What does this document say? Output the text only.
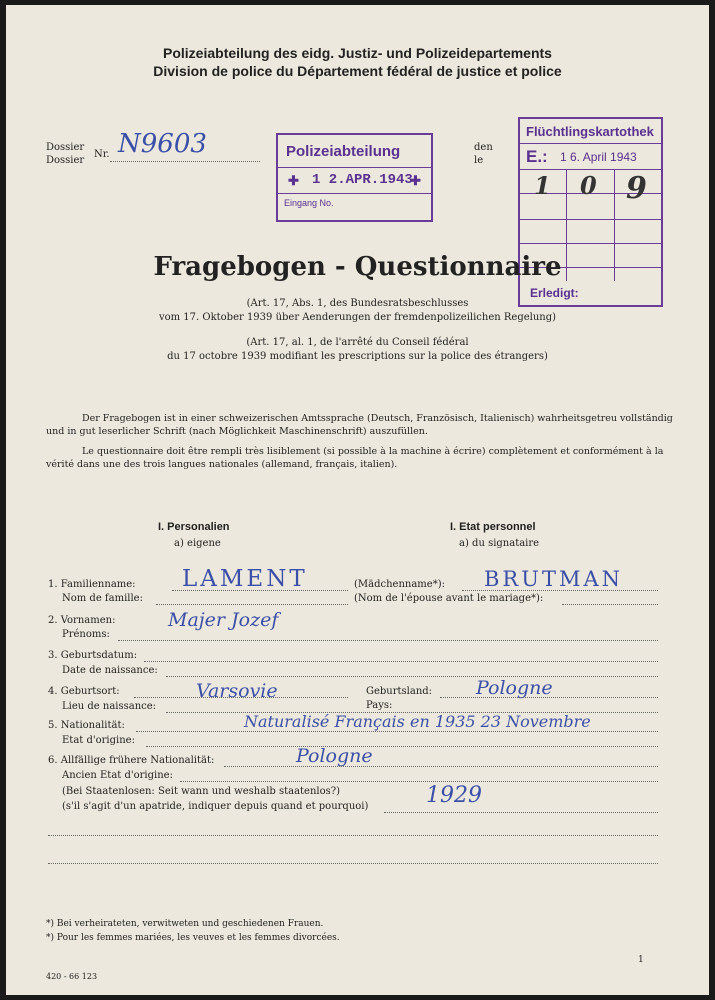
Polizeiabteilung des eidg. Justiz- und Polizeidepartements
Division de police du Département fédéral de justice et police
Dossier
Dossier
Nr. N9603	den
le
Polizeiabteilung
✚ 1 2.APR.1943
✚
Eingang No.
Flüchtlingskartothek
E.: 1 6. April 1943
1 0 9
Erledigt:
Fragebogen - Questionnaire
(Art. 17, Abs. 1, des Bundesratsbeschlusses
vom 17. Oktober 1939 über Aenderungen der fremdenpolizeilichen Regelung)
(Art. 17, al. 1, de l'arrêté du Conseil fédéral
du 17 octobre 1939 modifiant les prescriptions sur la police des étrangers)
Der Fragebogen ist in einer schweizerischen Amtssprache (Deutsch, Französisch, Italienisch) wahrheitsgetreu vollständig und in gut leserlicher Schrift (nach Möglichkeit Maschinenschrift) auszufüllen.
Le questionnaire doit être rempli très lisiblement (si possible à la machine à écrire) complètement et conformément à la vérité dans une des trois langues nationales (allemand, français, italien).
I. Personalien
a) eigene
I. Etat personnel
a) du signataire
1. Familienname: LAMENT	(Mädchenname*): BRUTMAN
Nom de famille:	(Nom de l'épouse avant le mariage*):
2. Vornamen:	Majer Jozef
Prénoms:
3. Geburtsdatum:
Date de naissance:
4. Geburtsort:	Varsovie	Geburtsland: Pologne
Lieu de naissance:	Pays:
5. Nationalität:	Naturalisé Français en 1935 23 Novembre
Etat d'origine:
6. Allfällige frühere Nationalität:	Pologne
Ancien Etat d'origine:
(Bei Staatenlosen: Seit wann und weshalb staatenlos?)
(s'il s'agit d'un apatride, indiquer depuis quand et pourquoi)	1929
*) Bei verheirateten, verwitweten und geschiedenen Frauen.
*) Pour les femmes mariées, les veuves et les femmes divorcées.
420 - 66 123
1
